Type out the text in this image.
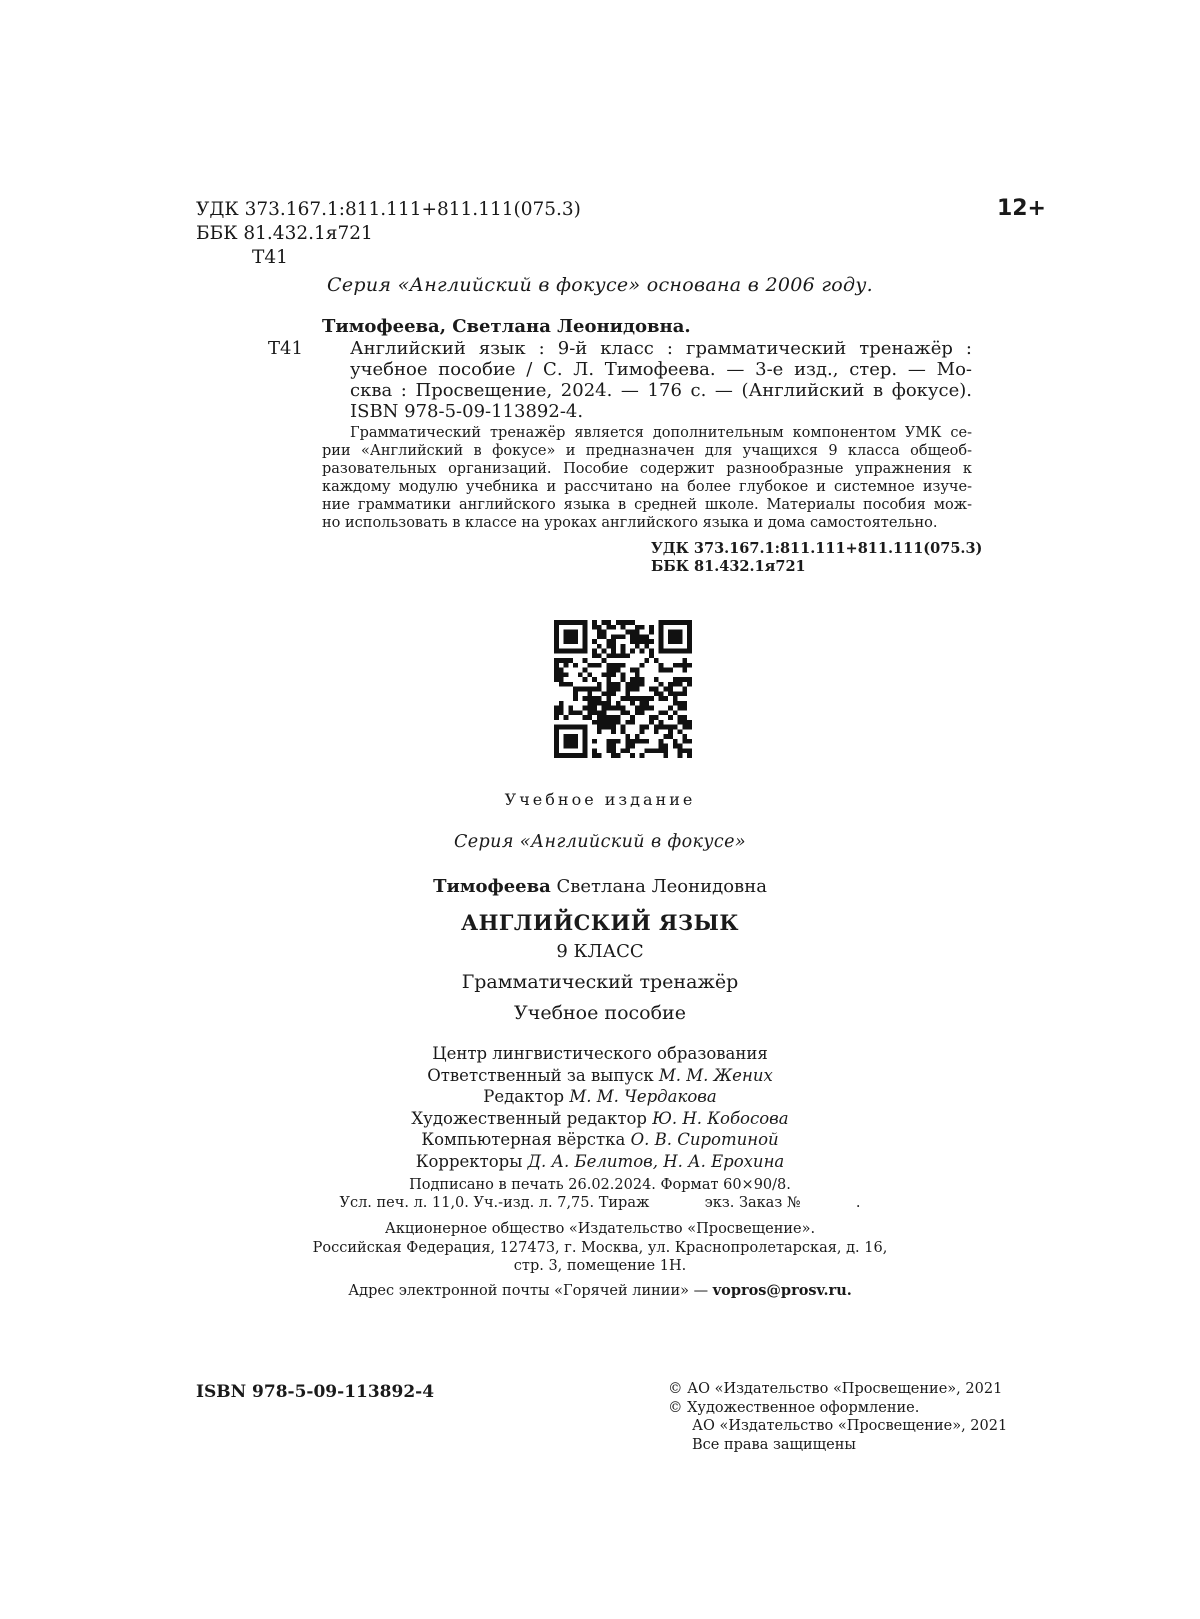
УДК 373.167.1:811.111+811.111(075.3)
ББК 81.432.1я721
Т41
12+
Серия «Английский в фокусе» основана в 2006 году.
Т41
Тимофеева, Светлана Леонидовна.
Английский язык : 9-й класс : грамматический тренажёр :
учебное пособие / С. Л. Тимофеева. — 3-е изд., стер. — Мо-
сква : Просвещение, 2024. — 176 с. — (Английский в фокусе).
ISBN 978-5-09-113892-4.
Грамматический тренажёр является дополнительным компонентом УМК се-
рии «Английский в фокусе» и предназначен для учащихся 9 класса общеоб-
разовательных организаций. Пособие содержит разнообразные упражнения к
каждому модулю учебника и рассчитано на более глубокое и системное изуче-
ние грамматики английского языка в средней школе. Материалы пособия мож-
но использовать в классе на уроках английского языка и дома самостоятельно.
УДК 373.167.1:811.111+811.111(075.3)
ББК 81.432.1я721
Учебное издание
Серия «Английский в фокусе»
Тимофеева Светлана Леонидовна
АНГЛИЙСКИЙ ЯЗЫК
9 КЛАСС
Грамматический тренажёр
Учебное пособие
Центр лингвистического образования
Ответственный за выпуск М. М. Жених
Редактор М. М. Чердакова
Художественный редактор Ю. Н. Кобосова
Компьютерная вёрстка О. В. Сиротиной
Корректоры Д. А. Белитов, Н. А. Ерохина
Подписано в печать 26.02.2024. Формат 60×90/8.
Усл. печ. л. 11,0. Уч.-изд. л. 7,75. Тираж            экз. Заказ №            .
Акционерное общество «Издательство «Просвещение».
Российская Федерация, 127473, г. Москва, ул. Краснопролетарская, д. 16,
стр. 3, помещение 1Н.
Адрес электронной почты «Горячей линии» — vopros@prosv.ru.
ISBN 978-5-09-113892-4	© АО «Издательство «Просвещение», 2021
© Художественное оформление.
АО «Издательство «Просвещение», 2021
Все права защищены
